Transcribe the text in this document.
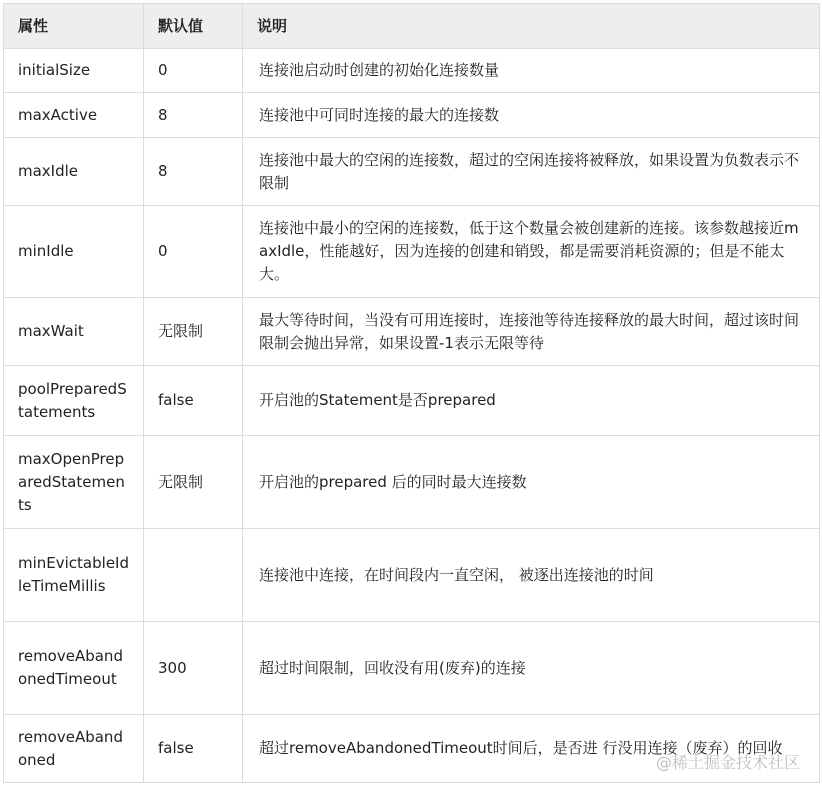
属性	默认值	说明
initialSize	0	连接池启动时创建的初始化连接数量
maxActive	8	连接池中可同时连接的最大的连接数
maxIdle	8	连接池中最大的空闲的连接数，超过的空闲连接将被释放，如果设置为负数表示不限制
minIdle	0	连接池中最小的空闲的连接数，低于这个数量会被创建新的连接。该参数越接近maxIdle，性能越好，因为连接的创建和销毁，都是需要消耗资源的；但是不能太大。
maxWait	无限制	最大等待时间，当没有可用连接时，连接池等待连接释放的最大时间，超过该时间限制会抛出异常，如果设置-1表示无限等待
poolPreparedStatements	false	开启池的Statement是否prepared
maxOpenPreparedStatements	无限制	开启池的prepared 后的同时最大连接数
minEvictableIdleTimeMillis		连接池中连接，在时间段内一直空闲， 被逐出连接池的时间
removeAbandonedTimeout	300	超过时间限制，回收没有用(废弃)的连接
removeAbandoned	false	超过removeAbandonedTimeout时间后，是否进 行没用连接（废弃）的回收
@稀土掘金技术社区
